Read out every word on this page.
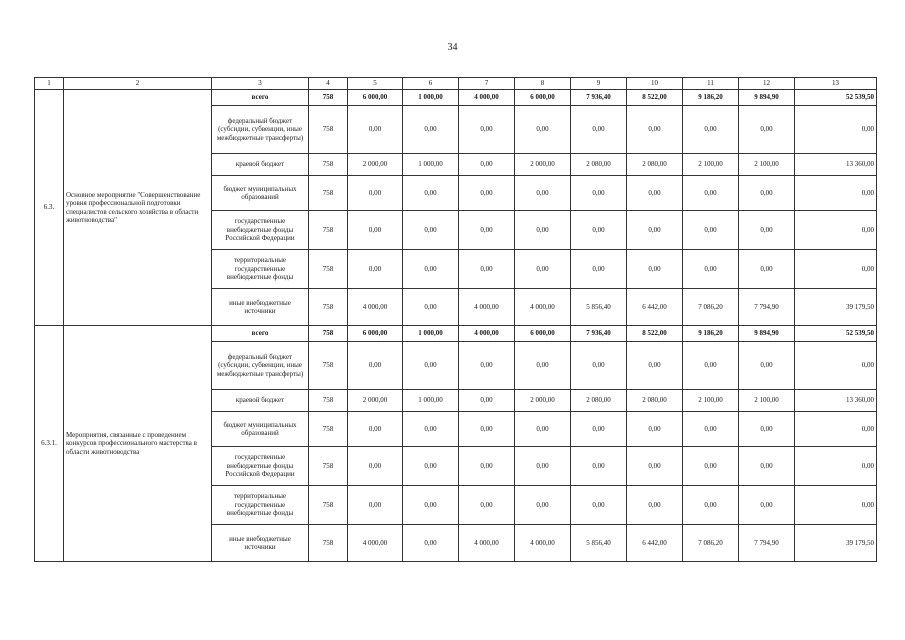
34
1	2	3	4	5	6	7	8	9	10	11	12	13
6.3.	Основное мероприятие "Совершенствование уровня профессиональной подготовки специалистов сельского хозяйства в области животноводства"	всего	758	6 000,00	1 000,00	4 000,00	6 000,00	7 936,40	8 522,00	9 186,20	9 894,90	52 539,50
		федеральный бюджет (субсидии, субвенции, иные межбюджетные трансферты)	758	0,00	0,00	0,00	0,00	0,00	0,00	0,00	0,00	0,00
		краевой бюджет	758	2 000,00	1 000,00	0,00	2 000,00	2 080,00	2 080,00	2 100,00	2 100,00	13 360,00
		бюджет муниципальных образований	758	0,00	0,00	0,00	0,00	0,00	0,00	0,00	0,00	0,00
		государственные внебюджетные фонды Российской Федерации	758	0,00	0,00	0,00	0,00	0,00	0,00	0,00	0,00	0,00
		территориальные государственные внебюджетные фонды	758	0,00	0,00	0,00	0,00	0,00	0,00	0,00	0,00	0,00
		иные внебюджетные источники	758	4 000,00	0,00	4 000,00	4 000,00	5 856,40	6 442,00	7 086,20	7 794,90	39 179,50
6.3.1.	Мероприятия, связанные с проведением конкурсов профессионального мастерства в области животноводства	всего	758	6 000,00	1 000,00	4 000,00	6 000,00	7 936,40	8 522,00	9 186,20	9 894,90	52 539,50
		федеральный бюджет (субсидии, субвенции, иные межбюджетные трансферты)	758	0,00	0,00	0,00	0,00	0,00	0,00	0,00	0,00	0,00
		краевой бюджет	758	2 000,00	1 000,00	0,00	2 000,00	2 080,00	2 080,00	2 100,00	2 100,00	13 360,00
		бюджет муниципальных образований	758	0,00	0,00	0,00	0,00	0,00	0,00	0,00	0,00	0,00
		государственные внебюджетные фонды Российской Федерации	758	0,00	0,00	0,00	0,00	0,00	0,00	0,00	0,00	0,00
		территориальные государственные внебюджетные фонды	758	0,00	0,00	0,00	0,00	0,00	0,00	0,00	0,00	0,00
		иные внебюджетные источники	758	4 000,00	0,00	4 000,00	4 000,00	5 856,40	6 442,00	7 086,20	7 794,90	39 179,50
